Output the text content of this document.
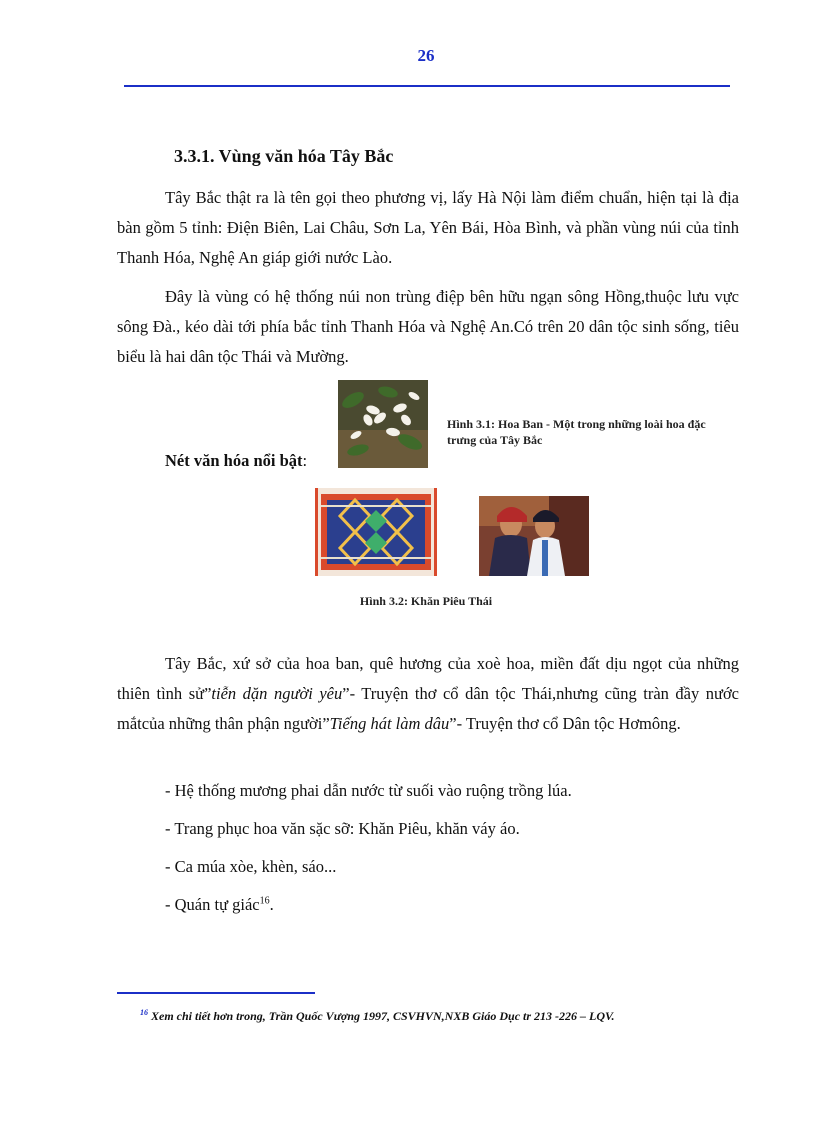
26
3.3.1. Vùng văn hóa Tây Bắc

Tây Bắc thật ra là tên gọi theo phương vị, lấy Hà Nội làm điểm chuẩn, hiện tại là địa bàn gồm 5 tỉnh: Điện Biên, Lai Châu, Sơn La, Yên Bái, Hòa Bình, và phần vùng núi của tỉnh Thanh Hóa, Nghệ An giáp giới nước Lào.

Đây là vùng có hệ thống núi non trùng điệp bên hữu ngạn sông Hồng,thuộc lưu vực sông Đà., kéo dài tới phía bắc tỉnh Thanh Hóa và Nghệ An.Có trên 20 dân tộc sinh sống, tiêu biểu là hai dân tộc Thái và Mường.

Hình 3.1: Hoa Ban - Một trong những loài hoa đặc trưng của Tây Bắc
Nét văn hóa nổi bật:
Hình 3.2: Khăn Piêu Thái

Tây Bắc, xứ sở của hoa ban, quê hương của xoè hoa, miền đất dịu ngọt của những thiên tình sử”tiễn dặn người yêu”- Truyện thơ cổ dân tộc Thái,nhưng cũng tràn đầy nước mắtcủa những thân phận người”Tiếng hát làm dâu”- Truyện thơ cổ Dân tộc Hơmông.

- Hệ thống mương phai dẫn nước từ suối vào ruộng trồng lúa.
- Trang phục hoa văn sặc sỡ: Khăn Piêu, khăn váy áo.
- Ca múa xòe, khèn, sáo...
- Quán tự giác$^{16}$.
$^{16}$ Xem chi tiết hơn trong, Trần Quốc Vượng 1997, CSVHVN,NXB Giáo Dục tr 213 -226 – LQV.
